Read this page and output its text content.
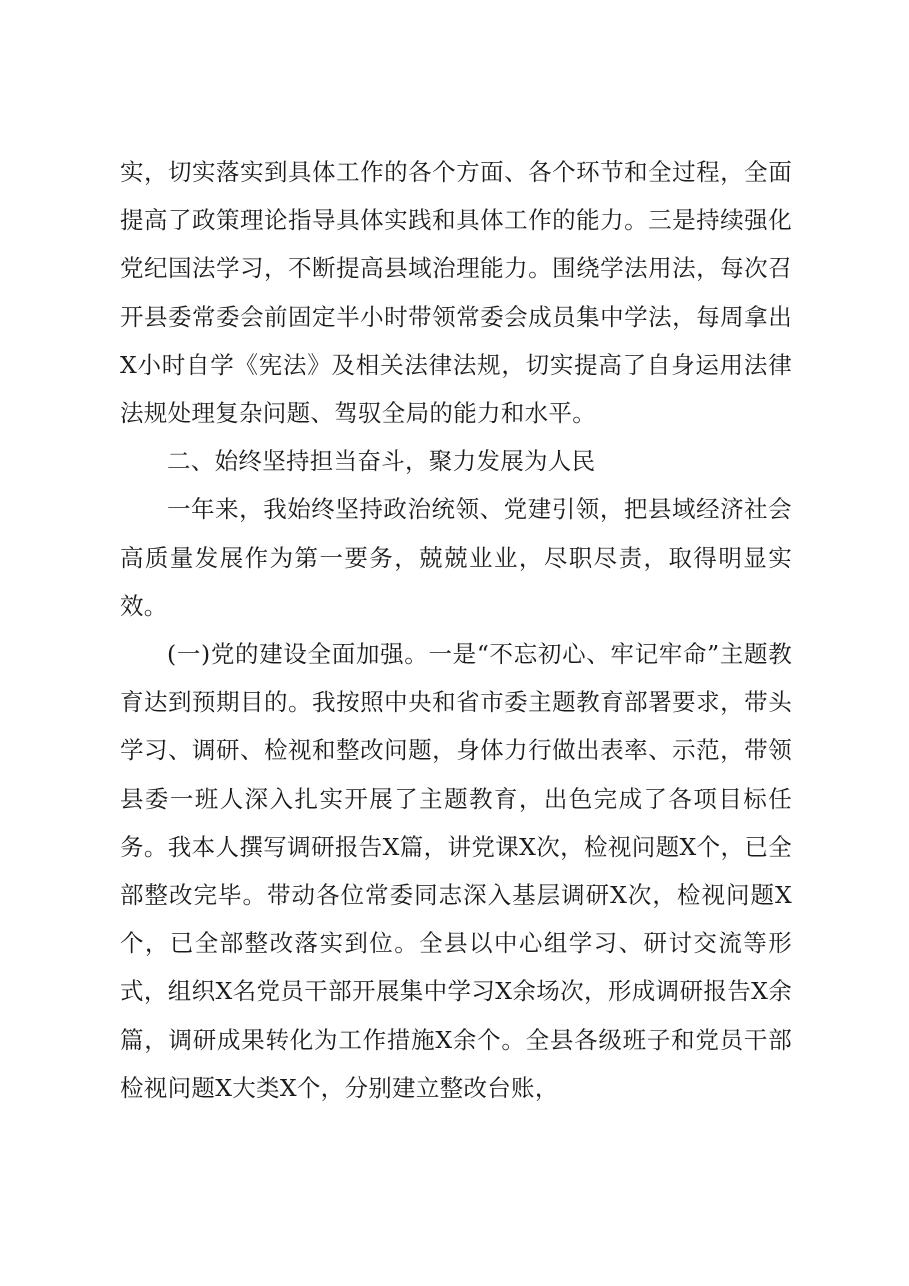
实，切实落实到具体工作的各个方面、各个环节和全过程，全面提高了政策理论指导具体实践和具体工作的能力。三是持续强化党纪国法学习，不断提高县域治理能力。围绕学法用法，每次召开县委常委会前固定半小时带领常委会成员集中学法，每周拿出X小时自学《宪法》及相关法律法规，切实提高了自身运用法律法规处理复杂问题、驾驭全局的能力和水平。

二、始终坚持担当奋斗，聚力发展为人民

一年来，我始终坚持政治统领、党建引领，把县域经济社会高质量发展作为第一要务，兢兢业业，尽职尽责，取得明显实效。

(一)党的建设全面加强。一是“不忘初心、牢记牢命”主题教育达到预期目的。我按照中央和省市委主题教育部署要求，带头学习、调研、检视和整改问题，身体力行做出表率、示范，带领县委一班人深入扎实开展了主题教育，出色完成了各项目标任务。我本人撰写调研报告X篇，讲党课X次，检视问题X个，已全部整改完毕。带动各位常委同志深入基层调研X次，检视问题X个，已全部整改落实到位。全县以中心组学习、研讨交流等形式，组织X名党员干部开展集中学习X余场次，形成调研报告X余篇，调研成果转化为工作措施X余个。全县各级班子和党员干部检视问题X大类X个，分别建立整改台账，
